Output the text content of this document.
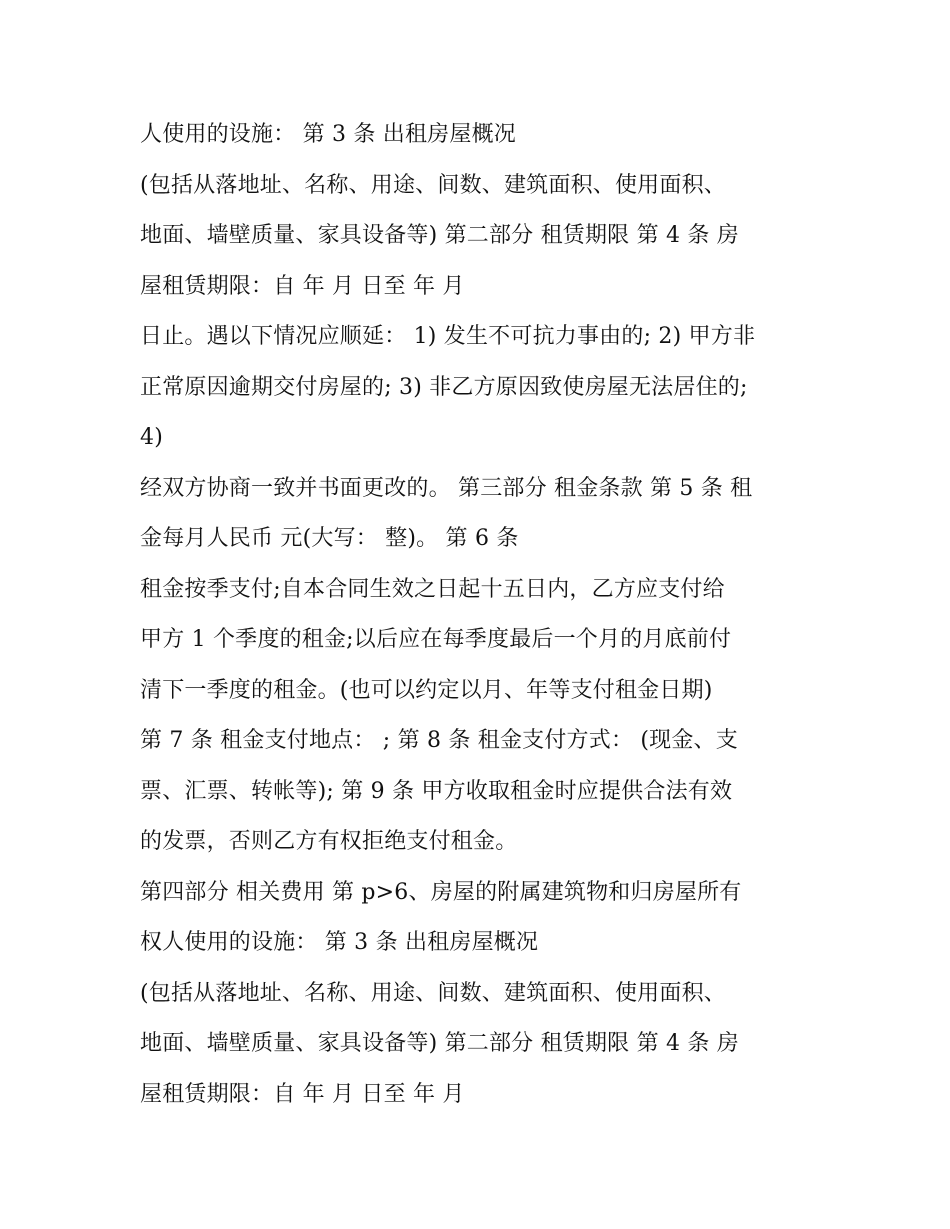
人使用的设施： 第 3 条 出租房屋概况
(包括从落地址、名称、用途、间数、建筑面积、使用面积、
地面、墙壁质量、家具设备等) 第二部分 租赁期限 第 4 条 房
屋租赁期限：自 年 月 日至 年 月
日止。遇以下情况应顺延： 1) 发生不可抗力事由的; 2) 甲方非
正常原因逾期交付房屋的; 3) 非乙方原因致使房屋无法居住的;
4)
经双方协商一致并书面更改的。 第三部分 租金条款 第 5 条 租
金每月人民币 元(大写： 整)。 第 6 条
租金按季支付;自本合同生效之日起十五日内，乙方应支付给
甲方 1 个季度的租金;以后应在每季度最后一个月的月底前付
清下一季度的租金。(也可以约定以月、年等支付租金日期)
第 7 条 租金支付地点： ; 第 8 条 租金支付方式： (现金、支
票、汇票、转帐等); 第 9 条 甲方收取租金时应提供合法有效
的发票，否则乙方有权拒绝支付租金。
第四部分 相关费用 第 p>6、房屋的附属建筑物和归房屋所有
权人使用的设施： 第 3 条 出租房屋概况
(包括从落地址、名称、用途、间数、建筑面积、使用面积、
地面、墙壁质量、家具设备等) 第二部分 租赁期限 第 4 条 房
屋租赁期限：自 年 月 日至 年 月
